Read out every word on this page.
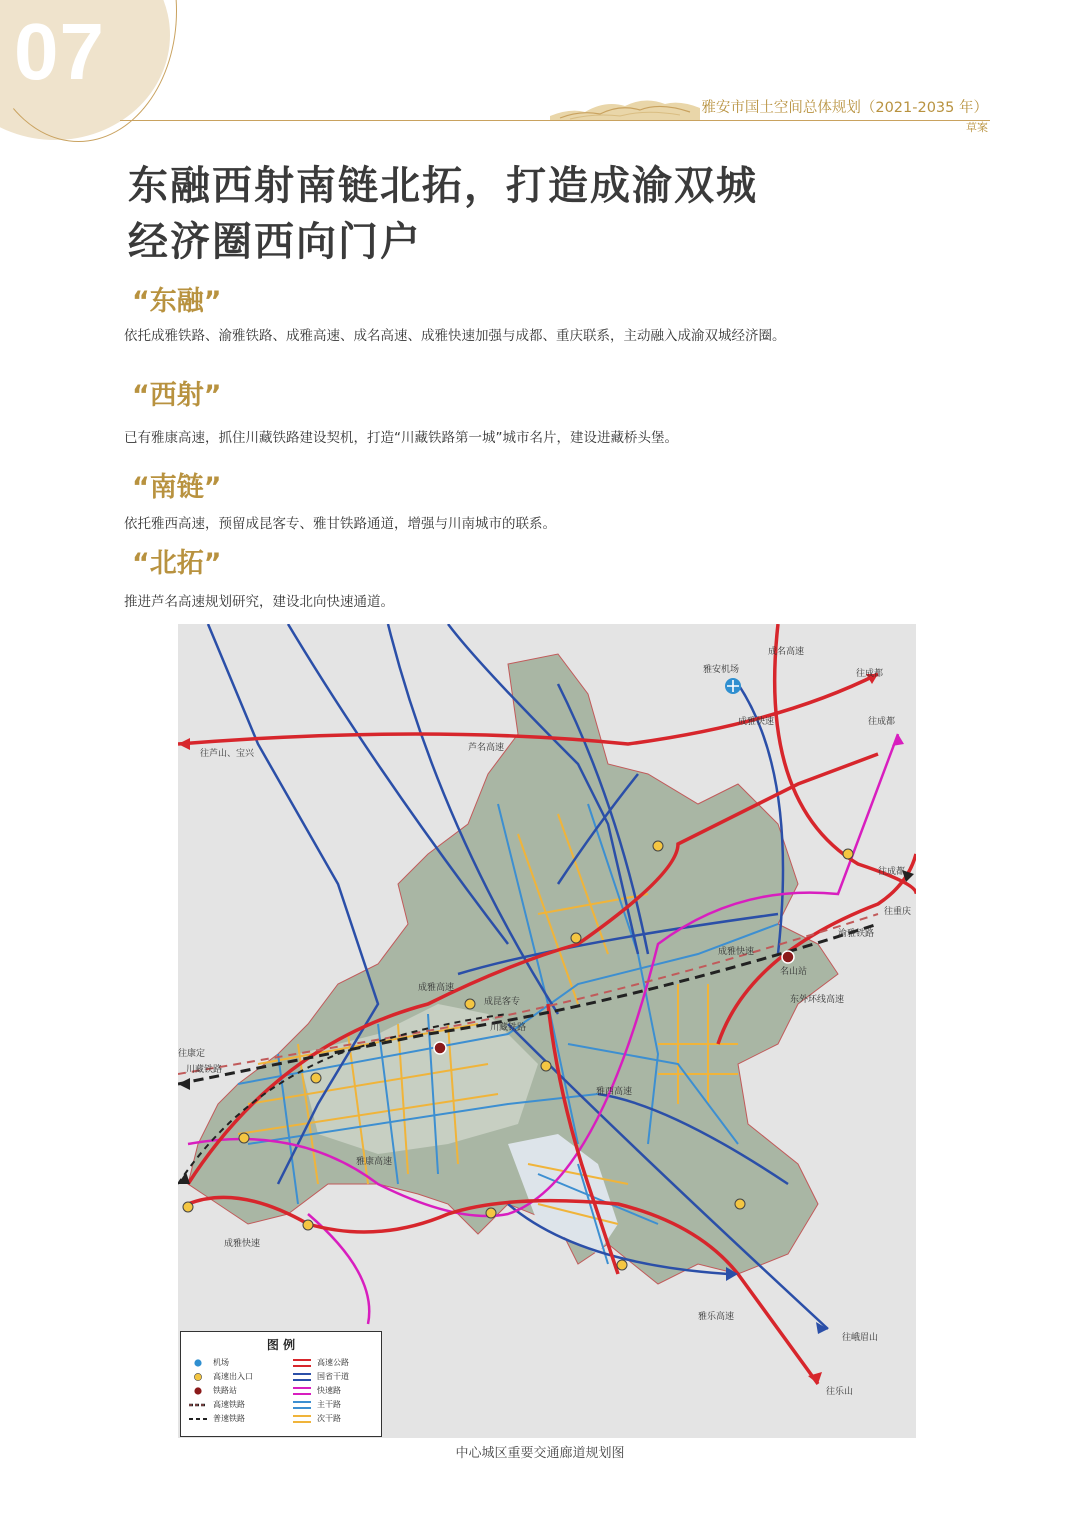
07
雅安市国土空间总体规划（2021-2035 年）
草案
东融西射南链北拓，打造成渝双城
经济圈西向门户
“东融”

依托成雅铁路、渝雅铁路、成雅高速、成名高速、成雅快速加强与成都、重庆联系，主动融入成渝双城经济圈。

“西射”

已有雅康高速，抓住川藏铁路建设契机，打造“川藏铁路第一城”城市名片，建设进藏桥头堡。

“南链”

依托雅西高速，预留成昆客专、雅甘铁路通道，增强与川南城市的联系。

“北拓”

推进芦名高速规划研究，建设北向快速通道。

雅安机场	往成都
往成都
往成都
往重庆
往芦山、宝兴
往康定
往峨眉山
往乐山
芦名高速
成雅高速
成雅快速
成雅快速
川藏铁路
川藏铁路
成昆客专
渝雅铁路
雅康高速
雅乐高速
东外环线高速
名山站
成名高速
成雅快速
雅西高速
图 例
机场
高速出入口
铁路站
高速铁路
普速铁路
高速公路
国省干道
快速路
主干路
次干路
中心城区重要交通廊道规划图
